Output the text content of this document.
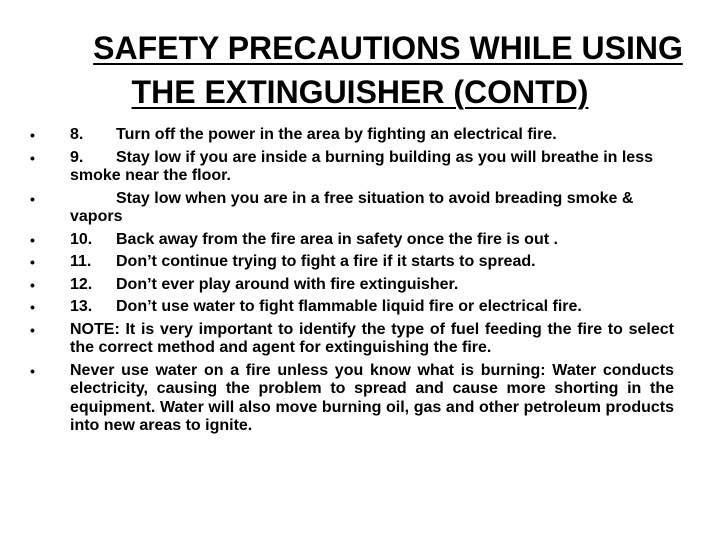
SAFETY PRECAUTIONS WHILE USING
THE EXTINGUISHER (CONTD)
• 8. Turn off the power in the area by fighting an electrical fire.
• 9. Stay low if you are inside a burning building as you will breathe in less smoke near the floor.
•	Stay low when you are in a free situation to avoid breading smoke & vapors
• 10. Back away from the fire area in safety once the fire is out .
• 11. Don’t continue trying to fight a fire if it starts to spread.
• 12. Don’t ever play around with fire extinguisher.
• 13. Don’t use water to fight flammable liquid fire or electrical fire.
• NOTE: It is very important to identify the type of fuel feeding the fire to select the correct method and agent for extinguishing the fire.
• Never use water on a fire unless you know what is burning: Water conducts electricity, causing the problem to spread and cause more shorting in the equipment. Water will also move burning oil, gas and other petroleum products into new areas to ignite.
